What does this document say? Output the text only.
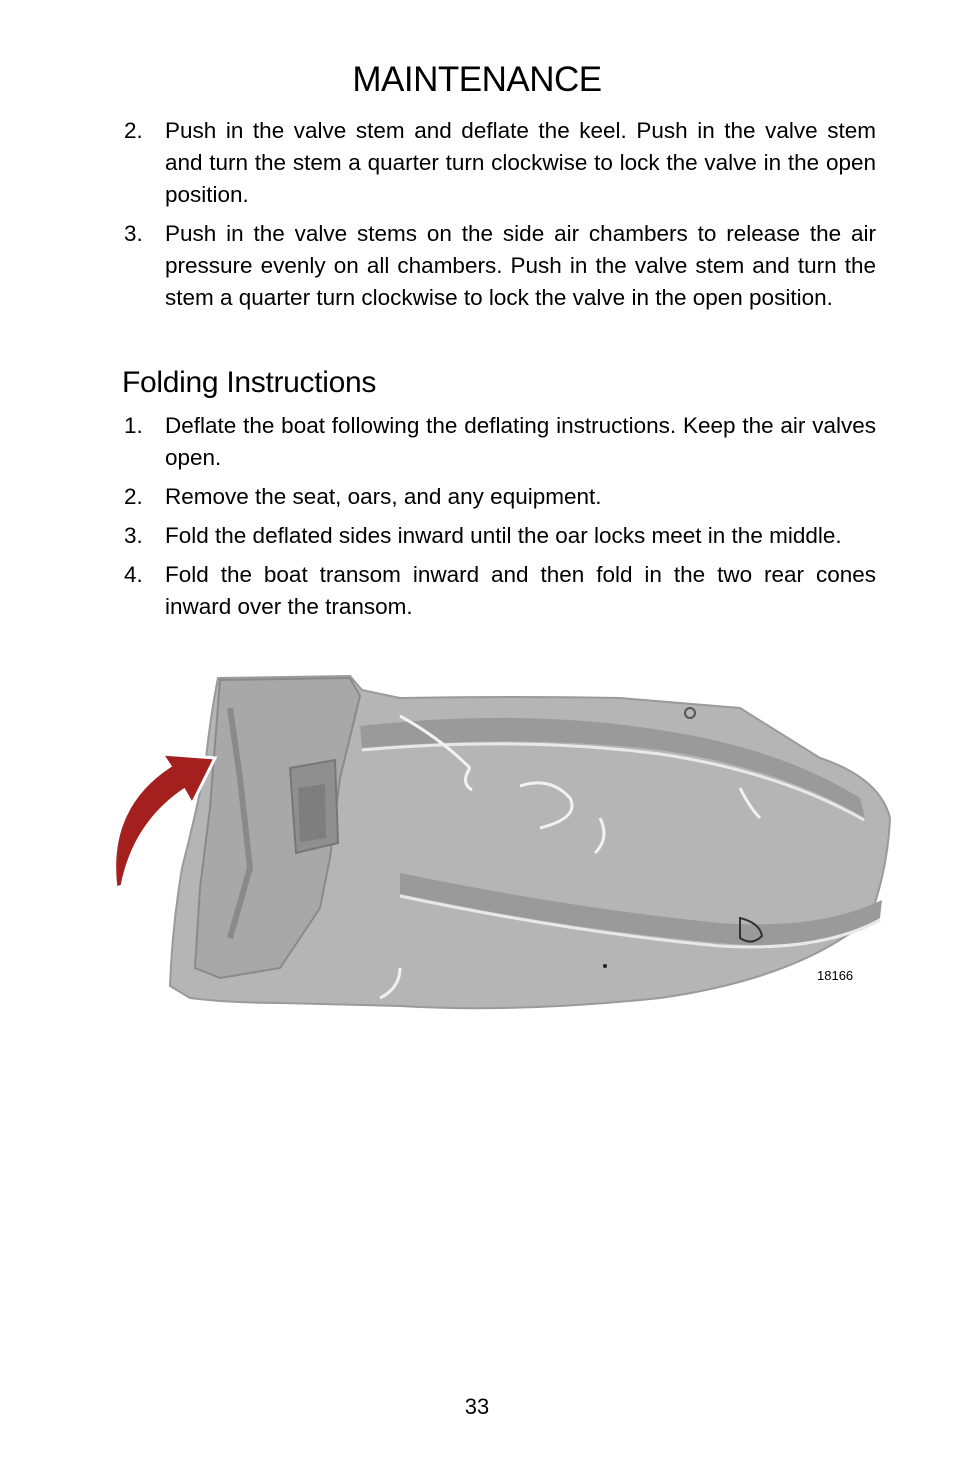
MAINTENANCE
2. Push in the valve stem and deflate the keel. Push in the valve stem and turn the stem a quarter turn clockwise to lock the valve in the open position.
3. Push in the valve stems on the side air chambers to release the air pressure evenly on all chambers. Push in the valve stem and turn the stem a quarter turn clockwise to lock the valve in the open position.
Folding Instructions
1. Deflate the boat following the deflating instructions. Keep the air valves open.
2. Remove the seat, oars, and any equipment.
3. Fold the deflated sides inward until the oar locks meet in the middle.
4. Fold the boat transom inward and then fold in the two rear cones inward over the transom.
18166
33
